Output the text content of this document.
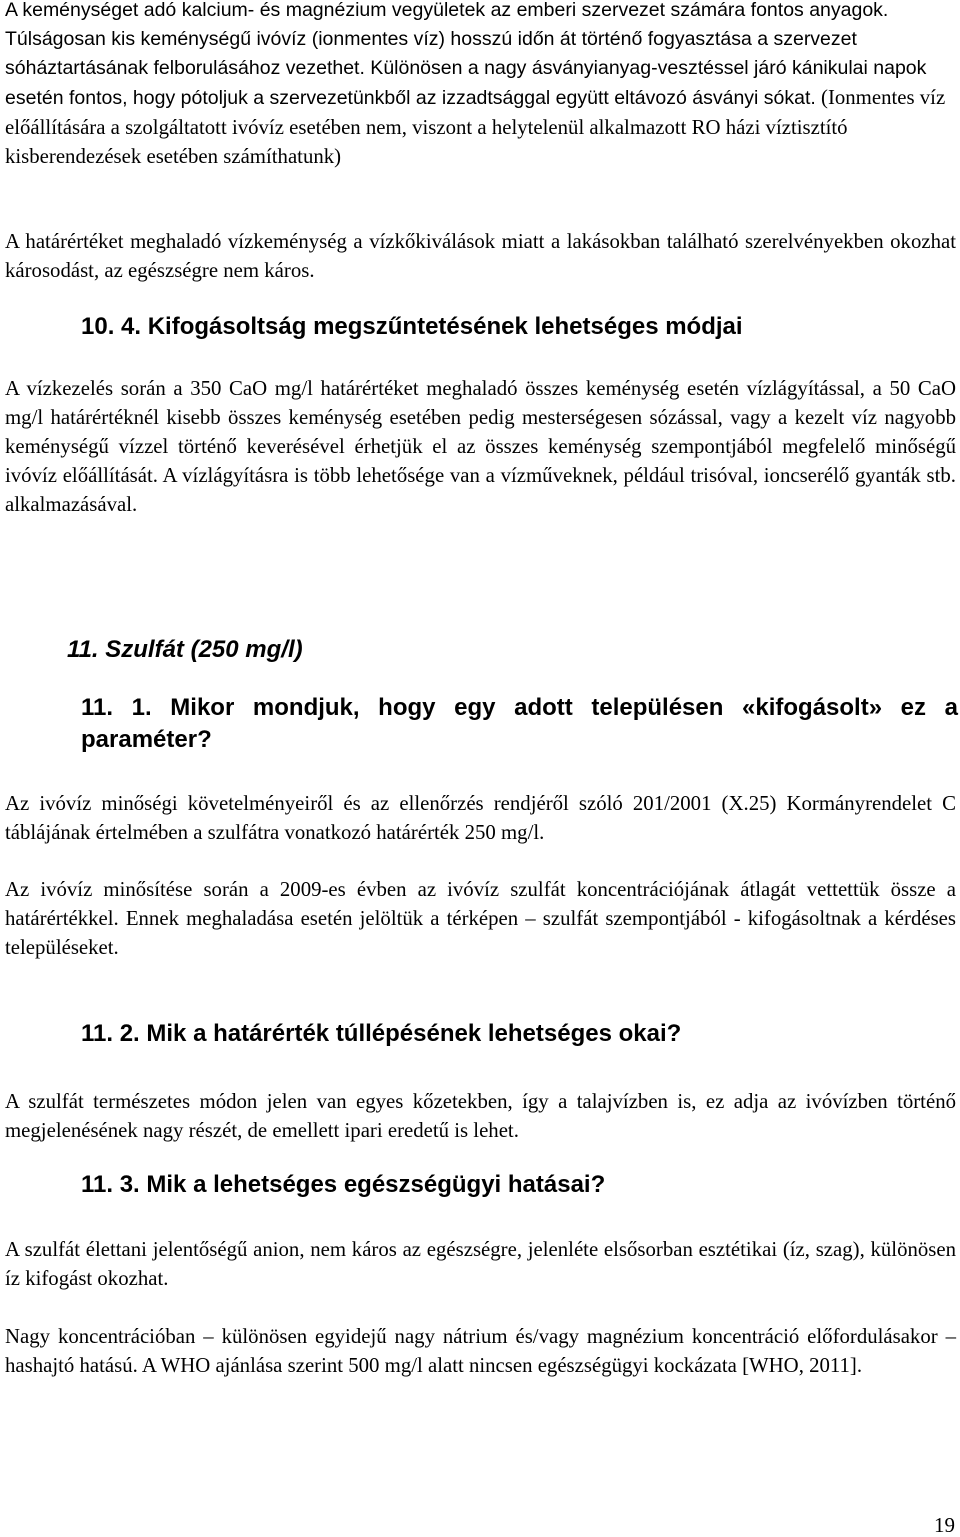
A keménységet adó kalcium- és magnézium vegyületek az emberi szervezet számára fontos anyagok. Túlságosan kis keménységű ivóvíz (ionmentes víz) hosszú időn át történő fogyasztása a szervezet sóháztartásának felborulásához vezethet. Különösen a nagy ásványianyag-vesztéssel járó kánikulai napok esetén fontos, hogy pótoljuk a szervezetünkből az izzadtsággal együtt eltávozó ásványi sókat. (Ionmentes víz előállítására a szolgáltatott ivóvíz esetében nem, viszont a helytelenül alkalmazott RO házi víztisztító kisberendezések esetében számíthatunk)

A határértéket meghaladó vízkeménység a vízkőkiválások miatt a lakásokban található szerelvényekben okozhat károsodást, az egészségre nem káros.

10. 4. Kifogásoltság megszűntetésének lehetséges módjai

A vízkezelés során a 350 CaO mg/l határértéket meghaladó összes keménység esetén vízlágyítással, a 50 CaO mg/l határértéknél kisebb összes keménység esetében pedig mesterségesen sózással, vagy a kezelt víz nagyobb keménységű vízzel történő keverésével érhetjük el az összes keménység szempontjából megfelelő minőségű ivóvíz előállítását. A vízlágyításra is több lehetősége van a vízműveknek, például trisóval, ioncserélő gyanták stb. alkalmazásával.

11. Szulfát (250 mg/l)
11. 1. Mikor mondjuk, hogy egy adott településen «kifogásolt» ez a paraméter?

Az ivóvíz minőségi követelményeiről és az ellenőrzés rendjéről szóló 201/2001 (X.25) Kormányrendelet C táblájának értelmében a szulfátra vonatkozó határérték 250 mg/l.

Az ivóvíz minősítése során a 2009-es évben az ivóvíz szulfát koncentrációjának átlagát vettettük össze a határértékkel. Ennek meghaladása esetén jelöltük a térképen – szulfát szempontjából - kifogásoltnak a kérdéses településeket.

11. 2. Mik a határérték túllépésének lehetséges okai?

A szulfát természetes módon jelen van egyes kőzetekben, így a talajvízben is, ez adja az ivóvízben történő megjelenésének nagy részét, de emellett ipari eredetű is lehet.

11. 3. Mik a lehetséges egészségügyi hatásai?

A szulfát élettani jelentőségű anion, nem káros az egészségre, jelenléte elsősorban esztétikai (íz, szag), különösen íz kifogást okozhat.

Nagy koncentrációban – különösen egyidejű nagy nátrium és/vagy magnézium koncentráció előfordulásakor – hashajtó hatású. A WHO ajánlása szerint 500 mg/l alatt nincsen egészségügyi kockázata [WHO, 2011].

19
